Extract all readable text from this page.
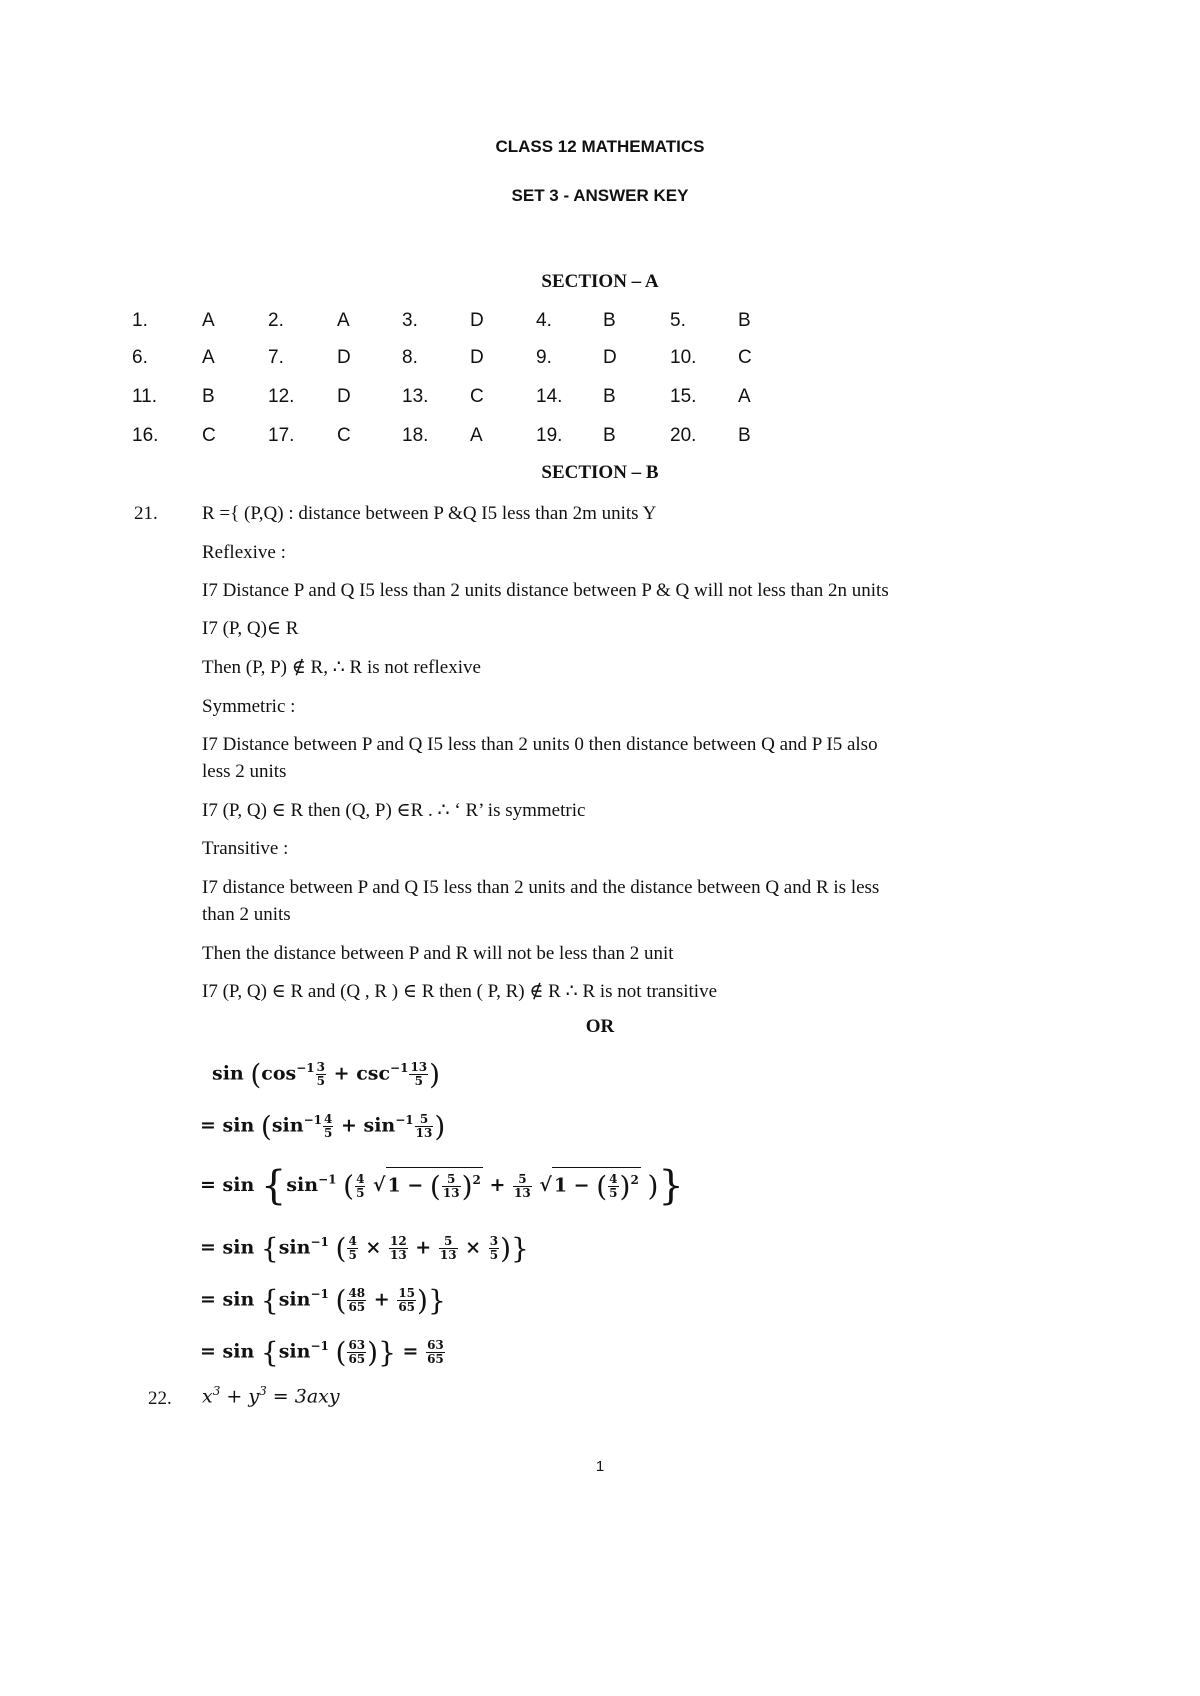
CLASS 12 MATHEMATICS
SET 3 - ANSWER KEY
SECTION – A
1.	A	2.	A	3.	D	4.	B	5.	B
6.	A	7.	D	8.	D	9.	D	10. C
11. B	12. D	13. C	14. B	15. A
16. C	17. C	18. A	19. B	20. B
SECTION – B
21. R ={ (P,Q) : distance between P &Q I5 less than 2m units Y
Reflexive :
I7 Distance P and Q I5 less than 2 units distance between P & Q will not less than 2n units
I7 (P, Q)∈ R
Then (P, P) ∉ R, ∴ R is not reflexive
Symmetric :
I7 Distance between P and Q I5 less than 2 units 0 then distance between Q and P I5 also
less 2 units
I7 (P, Q) ∈ R then (Q, P) ∈R . ∴ ‘ R’ is symmetric
Transitive :
I7 distance between P and Q I5 less than 2 units and the distance between Q and R is less
than 2 units
Then the distance between P and R will not be less than 2 unit
I7 (P, Q) ∈ R and (Q , R ) ∈ R then ( P, R) ∉ R ∴ R is not transitive
OR
$\sin (\cos^{-1} \frac{3}{5} + \csc^{-1} \frac{13}{5}$ )
= $\sin (\sin^{-1} \frac{4}{5} + \sin^{-1} \frac{5}{13}$ )
= $\sin \{\sin^{-1}$ ( $\frac{4}{5}$ √ 1 − ( $\frac{5}{13} )^2 + \frac{5}{13}$ √ 1 − ( $\frac{4}{5} )^2$ )}
= $\sin \{\sin^{-1}$ ( $\frac{4}{5} \times \frac{12}{13} + \frac{5}{13} \times \frac{3}{5}$ )}
= $\sin \{\sin^{-1}$ ( $\frac{48}{65} + \frac{15}{65}$ )}
= $\sin \{\sin^{-1}$ ( $\frac{63}{65}$ )} = $\frac{63}{65}$
22. $x^3 + y^3 = 3axy$
1
